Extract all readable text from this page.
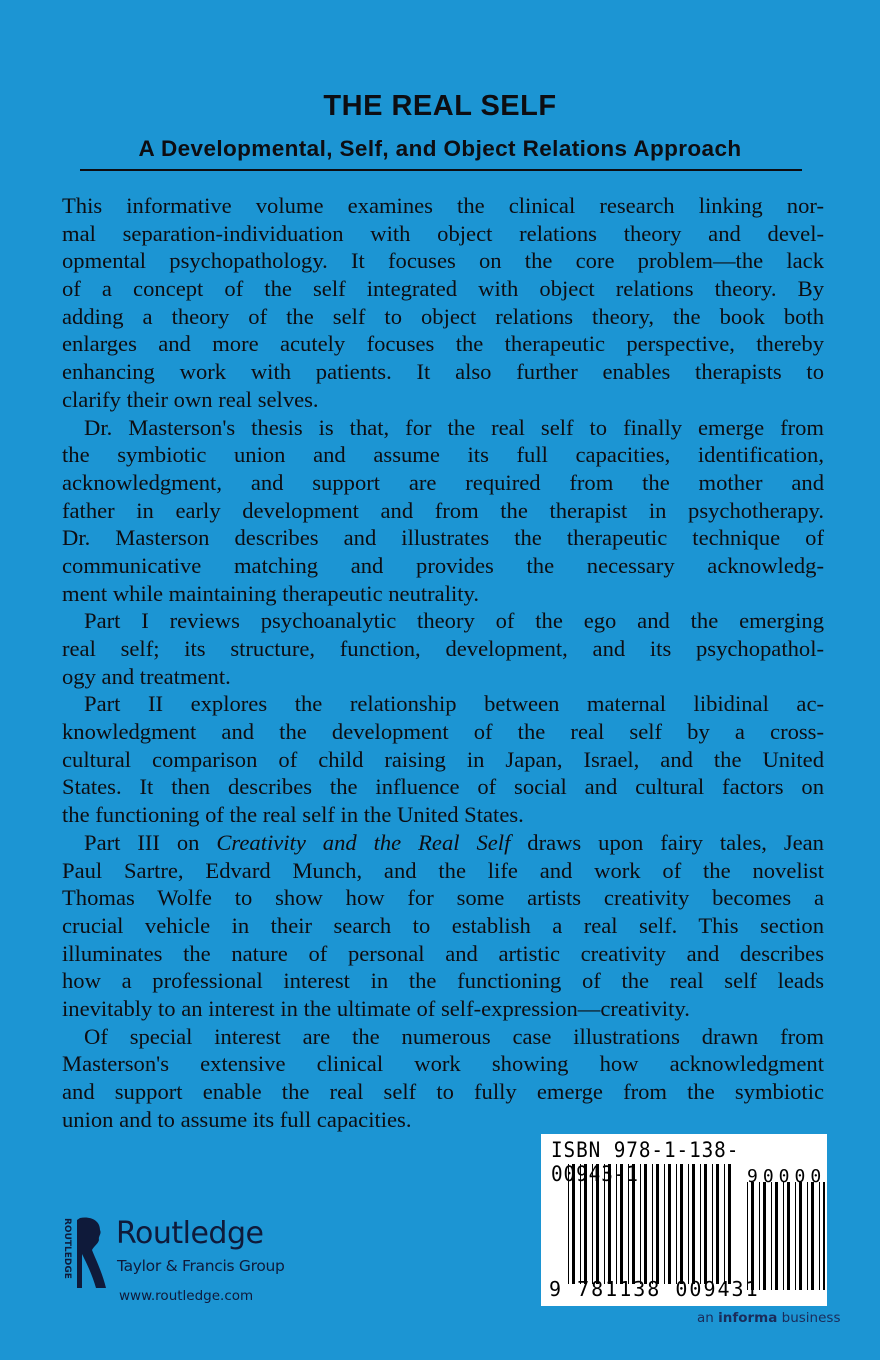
THE REAL SELF
A Developmental, Self, and Object Relations Approach
This informative volume examines the clinical research linking nor-
mal separation-individuation with object relations theory and devel-
opmental psychopathology. It focuses on the core problem—the lack
of a concept of the self integrated with object relations theory. By
adding a theory of the self to object relations theory, the book both
enlarges and more acutely focuses the therapeutic perspective, thereby
enhancing work with patients. It also further enables therapists to
clarify their own real selves.
Dr. Masterson's thesis is that, for the real self to finally emerge from
the symbiotic union and assume its full capacities, identification,
acknowledgment, and support are required from the mother and
father in early development and from the therapist in psychotherapy.
Dr. Masterson describes and illustrates the therapeutic technique of
communicative matching and provides the necessary acknowledg-
ment while maintaining therapeutic neutrality.
Part I reviews psychoanalytic theory of the ego and the emerging
real self; its structure, function, development, and its psychopathol-
ogy and treatment.
Part II explores the relationship between maternal libidinal ac-
knowledgment and the development of the real self by a cross-
cultural comparison of child raising in Japan, Israel, and the United
States. It then describes the influence of social and cultural factors on
the functioning of the real self in the United States.
Part III on Creativity and the Real Self draws upon fairy tales, Jean
Paul Sartre, Edvard Munch, and the life and work of the novelist
Thomas Wolfe to show how for some artists creativity becomes a
crucial vehicle in their search to establish a real self. This section
illuminates the nature of personal and artistic creativity and describes
how a professional interest in the functioning of the real self leads
inevitably to an interest in the ultimate of self-expression—creativity.
Of special interest are the numerous case illustrations drawn from
Masterson's extensive clinical work showing how acknowledgment
and support enable the real self to fully emerge from the symbiotic
union and to assume its full capacities.
ISBN 978-1-138-00943-1	90000
9 781138 009431
an informa business
ROUTLEDGE Routledge
Taylor & Francis Group
www.routledge.com
